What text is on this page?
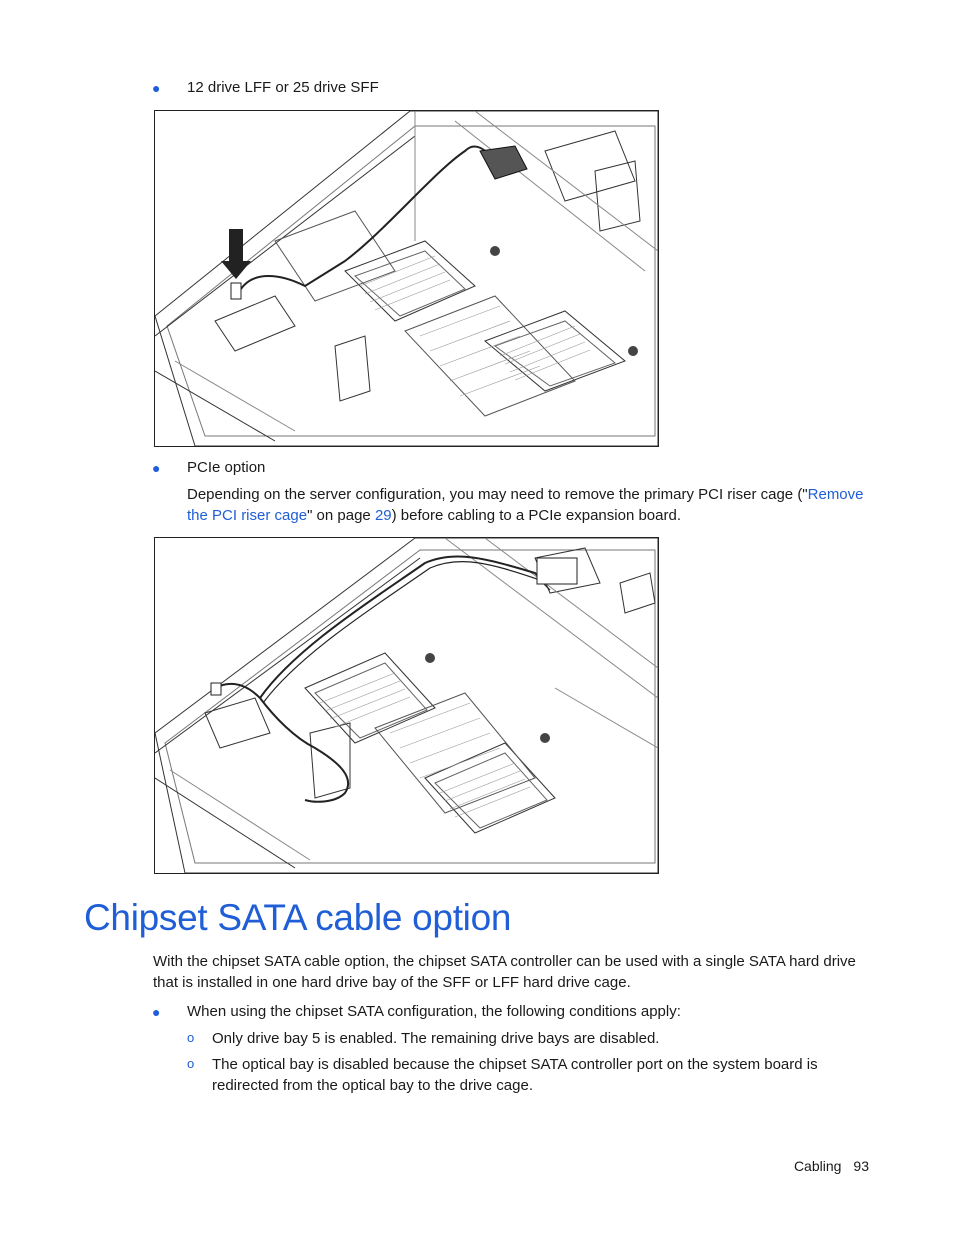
● 12 drive LFF or 25 drive SFF
● PCIe option
Depending on the server configuration, you may need to remove the primary PCI riser cage ("Remove the PCI riser cage" on page 29) before cabling to a PCIe expansion board.
Chipset SATA cable option
With the chipset SATA cable option, the chipset SATA controller can be used with a single SATA hard drive that is installed in one hard drive bay of the SFF or LFF hard drive cage.
● When using the chipset SATA configuration, the following conditions apply:
o Only drive bay 5 is enabled. The remaining drive bays are disabled.
o The optical bay is disabled because the chipset SATA controller port on the system board is redirected from the optical bay to the drive cage.
Cabling 93
